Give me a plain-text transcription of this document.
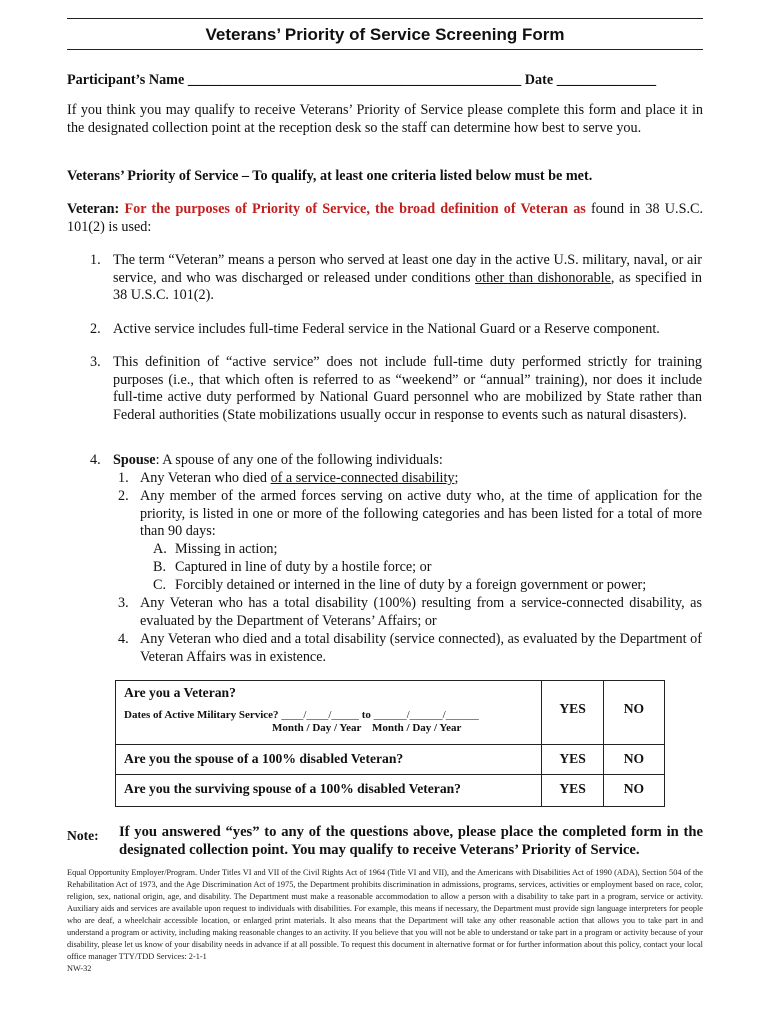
Veterans’ Priority of Service Screening Form
Participant’s Name _______________________________________________ Date ______________
If you think you may qualify to receive Veterans’ Priority of Service please complete this form and place it in the designated collection point at the reception desk so the staff can determine how best to serve you.
Veterans’ Priority of Service – To qualify, at least one criteria listed below must be met.
Veteran: For the purposes of Priority of Service, the broad definition of Veteran as found in 38 U.S.C. 101(2) is used:
1. The term “Veteran” means a person who served at least one day in the active U.S. military, naval, or air service, and who was discharged or released under conditions other than dishonorable, as specified in 38 U.S.C. 101(2).
2. Active service includes full-time Federal service in the National Guard or a Reserve component.
3. This definition of “active service” does not include full-time duty performed strictly for training purposes (i.e., that which often is referred to as “weekend” or “annual” training), nor does it include full-time active duty performed by National Guard personnel who are mobilized by State rather than Federal authorities (State mobilizations usually occur in response to events such as natural disasters).
4. Spouse: A spouse of any one of the following individuals:
1. Any Veteran who died of a service-connected disability;
2. Any member of the armed forces serving on active duty who, at the time of application for the priority, is listed in one or more of the following categories and has been listed for a total of more than 90 days:
A. Missing in action;
B. Captured in line of duty by a hostile force; or
C. Forcibly detained or interned in the line of duty by a foreign government or power;
3. Any Veteran who has a total disability (100%) resulting from a service-connected disability, as evaluated by the Department of Veterans’ Affairs; or
4. Any Veteran who died and a total disability (service connected), as evaluated by the Department of Veteran Affairs was in existence.
Are you a Veteran?
Dates of Active Military Service? ____/____/_____ to ______/______/______
Month / Day / Year Month / Day / Year	YES	NO
Are you the spouse of a 100% disabled Veteran?	YES	NO
Are you the surviving spouse of a 100% disabled Veteran?	YES	NO
Note: If you answered “yes” to any of the questions above, please place the completed form in the designated collection point. You may qualify to receive Veterans’ Priority of Service.
Equal Opportunity Employer/Program. Under Titles VI and VII of the Civil Rights Act of 1964 (Title VI and VII), and the Americans with Disabilities Act of 1990 (ADA), Section 504 of the Rehabilitation Act of 1973, and the Age Discrimination Act of 1975, the Department prohibits discrimination in admissions, programs, services, activities or employment based on race, color, religion, sex, national origin, age, and disability. The Department must make a reasonable accommodation to allow a person with a disability to take part in a program, service or activity. Auxiliary aids and services are available upon request to individuals with disabilities. For example, this means if necessary, the Department must provide sign language interpreters for people who are deaf, a wheelchair accessible location, or enlarged print materials. It also means that the Department will take any other reasonable action that allows you to take part in and understand a program or activity, including making reasonable changes to an activity. If you believe that you will not be able to understand or take part in a program or activity because of your disability, please let us know of your disability needs in advance if at all possible. To request this document in alternative format or for further information about this policy, contact your local office manager TTY/TDD Services: 2-1-1
NW-32
